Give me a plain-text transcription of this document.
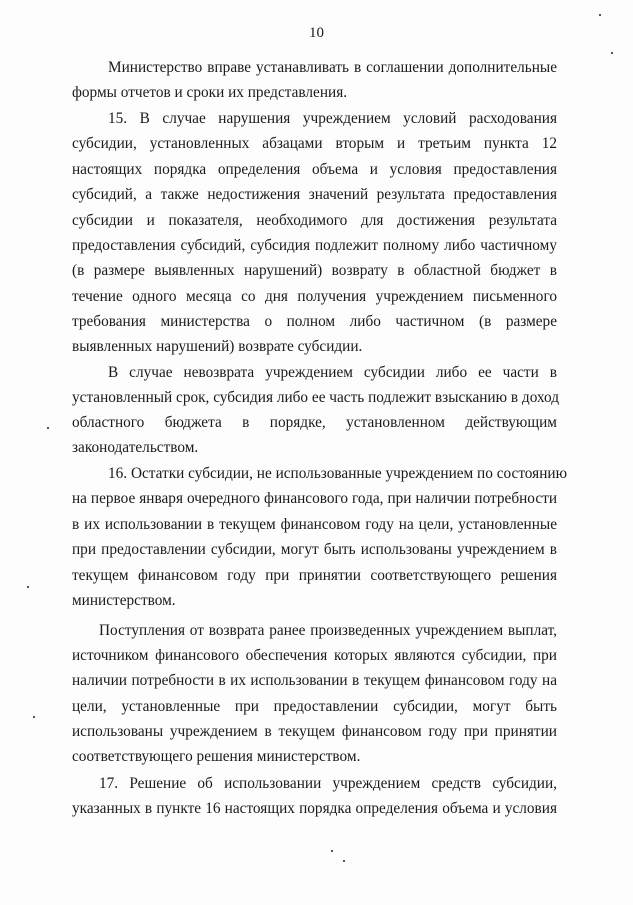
10
Министерство вправе устанавливать в соглашении дополнительные
формы отчетов и сроки их представления.
15. В случае нарушения учреждением условий расходования
субсидии, установленных абзацами вторым и третьим пункта 12
настоящих порядка определения объема и условия предоставления
субсидий, а также недостижения значений результата предоставления
субсидии и показателя, необходимого для достижения результата
предоставления субсидий, субсидия подлежит полному либо частичному
(в размере выявленных нарушений) возврату в областной бюджет в
течение одного месяца со дня получения учреждением письменного
требования министерства о полном либо частичном (в размере
выявленных нарушений) возврате субсидии.
В случае невозврата учреждением субсидии либо ее части в
установленный срок, субсидия либо ее часть подлежит взысканию в доход
областного бюджета в порядке, установленном действующим
законодательством.
16. Остатки субсидии, не использованные учреждением по состоянию
на первое января очередного финансового года, при наличии потребности
в их использовании в текущем финансовом году на цели, установленные
при предоставлении субсидии, могут быть использованы учреждением в
текущем финансовом году при принятии соответствующего решения
министерством.
Поступления от возврата ранее произведенных учреждением выплат,
источником финансового обеспечения которых являются субсидии, при
наличии потребности в их использовании в текущем финансовом году на
цели, установленные при предоставлении субсидии, могут быть
использованы учреждением в текущем финансовом году при принятии
соответствующего решения министерством.
17. Решение об использовании учреждением средств субсидии,
указанных в пункте 16 настоящих порядка определения объема и условия
